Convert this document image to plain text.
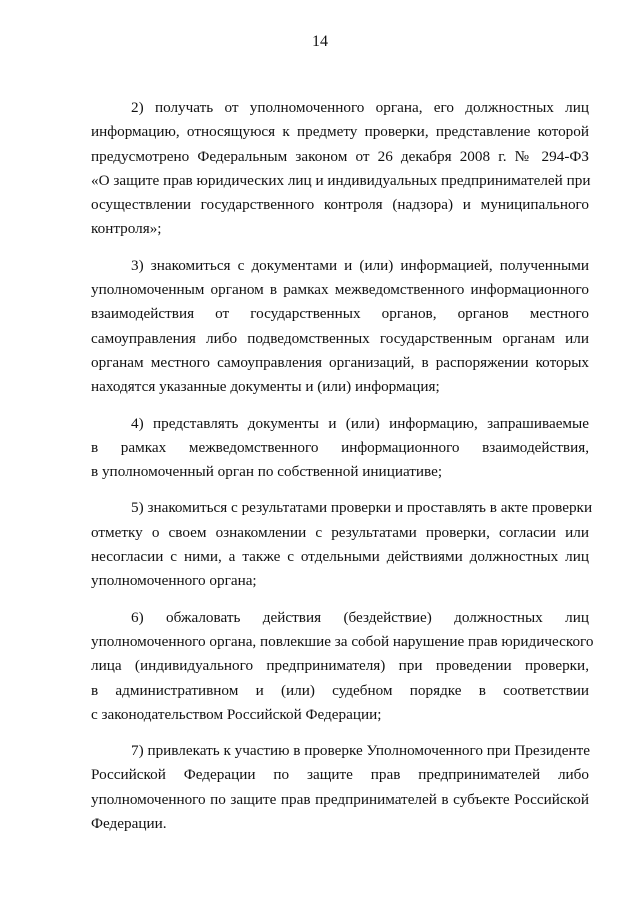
14
2) получать от уполномоченного органа, его должностных лиц
информацию, относящуюся к предмету проверки, представление которой
предусмотрено Федеральным законом от 26 декабря 2008 г. № 294-ФЗ
«О защите прав юридических лиц и индивидуальных предпринимателей при
осуществлении государственного контроля (надзора) и муниципального
контроля»;
3) знакомиться с документами и (или) информацией, полученными
уполномоченным органом в рамках межведомственного информационного
взаимодействия от государственных органов, органов местного
самоуправления либо подведомственных государственным органам или
органам местного самоуправления организаций, в распоряжении которых
находятся указанные документы и (или) информация;
4) представлять документы и (или) информацию, запрашиваемые
в рамках межведомственного информационного взаимодействия,
в уполномоченный орган по собственной инициативе;
5) знакомиться с результатами проверки и проставлять в акте проверки
отметку о своем ознакомлении с результатами проверки, согласии или
несогласии с ними, а также с отдельными действиями должностных лиц
уполномоченного органа;
6) обжаловать действия (бездействие) должностных лиц
уполномоченного органа, повлекшие за собой нарушение прав юридического
лица (индивидуального предпринимателя) при проведении проверки,
в административном и (или) судебном порядке в соответствии
с законодательством Российской Федерации;
7) привлекать к участию в проверке Уполномоченного при Президенте
Российской Федерации по защите прав предпринимателей либо
уполномоченного по защите прав предпринимателей в субъекте Российской
Федерации.
